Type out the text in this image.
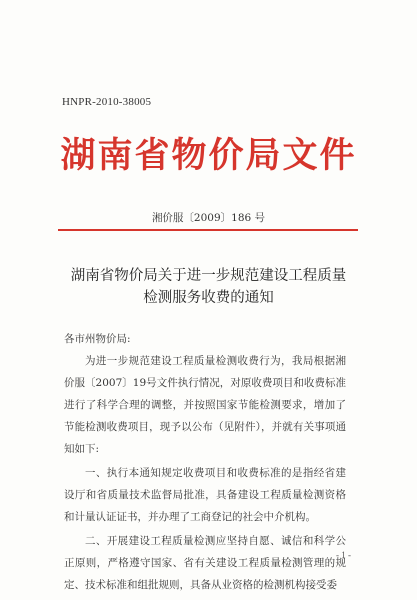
HNPR-2010-38005
湖南省物价局文件
湘价服〔2009〕186 号
湖南省物价局关于进一步规范建设工程质量
检测服务收费的通知
各市州物价局:

为进一步规范建设工程质量检测收费行为，我局根据湘价服〔2007〕19号文件执行情况，对原收费项目和收费标准进行了科学合理的调整，并按照国家节能检测要求，增加了节能检测收费项目，现予以公布（见附件），并就有关事项通知如下:

一、执行本通知规定收费项目和收费标准的是指经省建设厅和省质量技术监督局批准，具备建设工程质量检测资格和计量认证证书，并办理了工商登记的社会中介机构。

二、开展建设工程质量检测应坚持自愿、诚信和科学公正原则，严格遵守国家、省有关建设工程质量检测管理的规定、技术标准和组批规则，具备从业资格的检测机构接受委

- 1 -
